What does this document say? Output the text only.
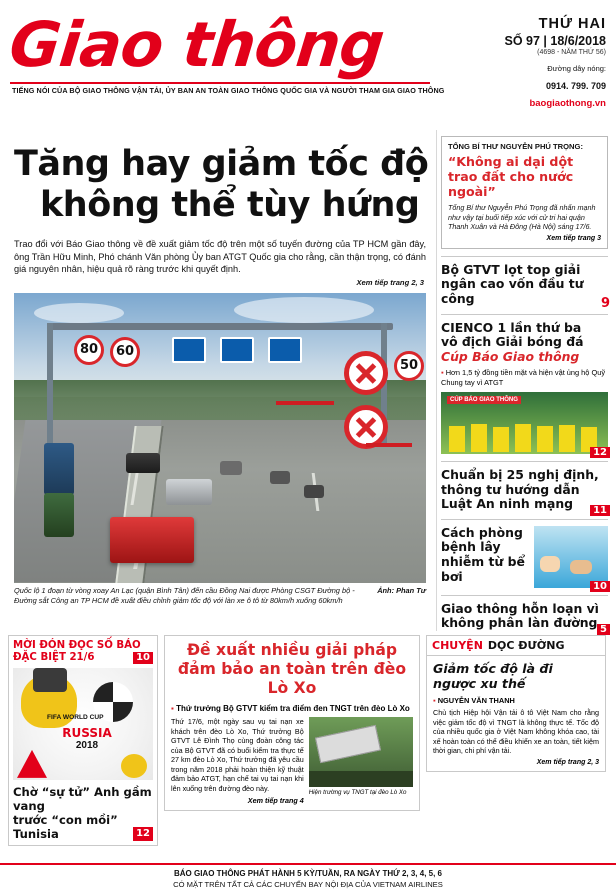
Giao thông
TIẾNG NÓI CỦA BỘ GIAO THÔNG VẬN TẢI, ỦY BAN AN TOÀN GIAO THÔNG QUỐC GIA VÀ NGƯỜI THAM GIA GIAO THÔNG
THỨ HAI
SỐ 97 | 18/6/2018
(4698 - NĂM THỨ 56)
Đường dây nóng:
0914. 799. 709
baogiaothong.vn
Tăng hay giảm tốc độ
không thể tùy hứng
Trao đổi với Báo Giao thông về đề xuất giảm tốc độ trên một số tuyến đường của TP HCM gần đây, ông Trần Hữu Minh, Phó chánh Văn phòng Ủy ban ATGT Quốc gia cho rằng, cần thận trọng, có đánh giá nguyên nhân, hiệu quả rõ ràng trước khi quyết định.
Xem tiếp trang 2, 3
80	60
50
Ảnh: Phan Tư
Quốc lộ 1 đoạn từ vòng xoay An Lạc (quận Bình Tân) đến cầu Đồng Nai được Phòng CSGT Đường bộ - Đường sắt Công an TP HCM đề xuất điều chỉnh giảm tốc độ với làn xe ô tô từ 80km/h xuống 60km/h
TỔNG BÍ THƯ NGUYỄN PHÚ TRỌNG:
“Không ai dại dột trao đất cho nước ngoài”
Tổng Bí thư Nguyễn Phú Trọng đã nhấn mạnh như vậy tại buổi tiếp xúc với cử tri hai quận Thanh Xuân và Hà Đông (Hà Nội) sáng 17/6.
Xem tiếp trang 3
Bộ GTVT lọt top giải ngân cao vốn đầu tư công	9
CIENCO 1 lần thứ ba
vô địch Giải bóng đá
Cúp Báo Giao thông
▪ Hơn 1,5 tỷ đồng tiền mặt và hiện vật ủng hộ Quỹ Chung tay vì ATGT
CÚP BÁO GIAO THÔNG
12
Chuẩn bị 25 nghị định, thông tư hướng dẫn Luật An ninh mạng	11
Cách phòng bệnh lây nhiễm từ bể bơi
10
Giao thông hỗn loạn vì không phân làn đường 5
MỜI ĐÓN ĐỌC SỐ BÁO
ĐẶC BIỆT 21/6	10
FIFA WORLD CUP
RUSSIA
2018
Chờ “sự tử” Anh gầm vang
trước “con mồi” Tunisia	12
Đề xuất nhiều giải pháp đảm bảo an toàn trên đèo Lò Xo
▪ Thứ trưởng Bộ GTVT kiểm tra điểm đen TNGT trên đèo Lò Xo
Thứ 17/6, một ngày sau vụ tai nạn xe khách trên đèo Lò Xo, Thứ trưởng Bộ GTVT Lê Đình Thọ cùng đoàn công tác của Bộ GTVT đã có buổi kiểm tra thực tế 27 km đèo Lò Xo, Thứ trưởng đã yêu cầu trong năm 2018 phải hoàn thiện kỹ thuật đảm bảo ATGT, hạn chế tai vụ tai nạn khi lên xuống trên đường đèo này.
Xem tiếp trang 4
Hiện trường vụ TNGT tại đèo Lò Xo
CHUYỆN DỌC ĐƯỜNG
Giảm tốc độ là đi ngược xu thế
▪ NGUYỄN VĂN THANH

Chủ tịch Hiệp hội Vận tải ô tô Việt Nam cho rằng việc giảm tốc độ vì TNGT là không thực tế. Tốc độ của nhiều quốc gia ở Việt Nam không khóa cao, tài xế hoàn toàn có thể điều khiển xe an toàn, tiết kiệm thời gian, chi phí vận tải.

Xem tiếp trang 2, 3
BÁO GIAO THÔNG PHÁT HÀNH 5 KỲ/TUẦN, RA NGÀY THỨ 2, 3, 4, 5, 6
CÓ MẶT TRÊN TẤT CẢ CÁC CHUYẾN BAY NỘI ĐỊA CỦA VIETNAM AIRLINES
